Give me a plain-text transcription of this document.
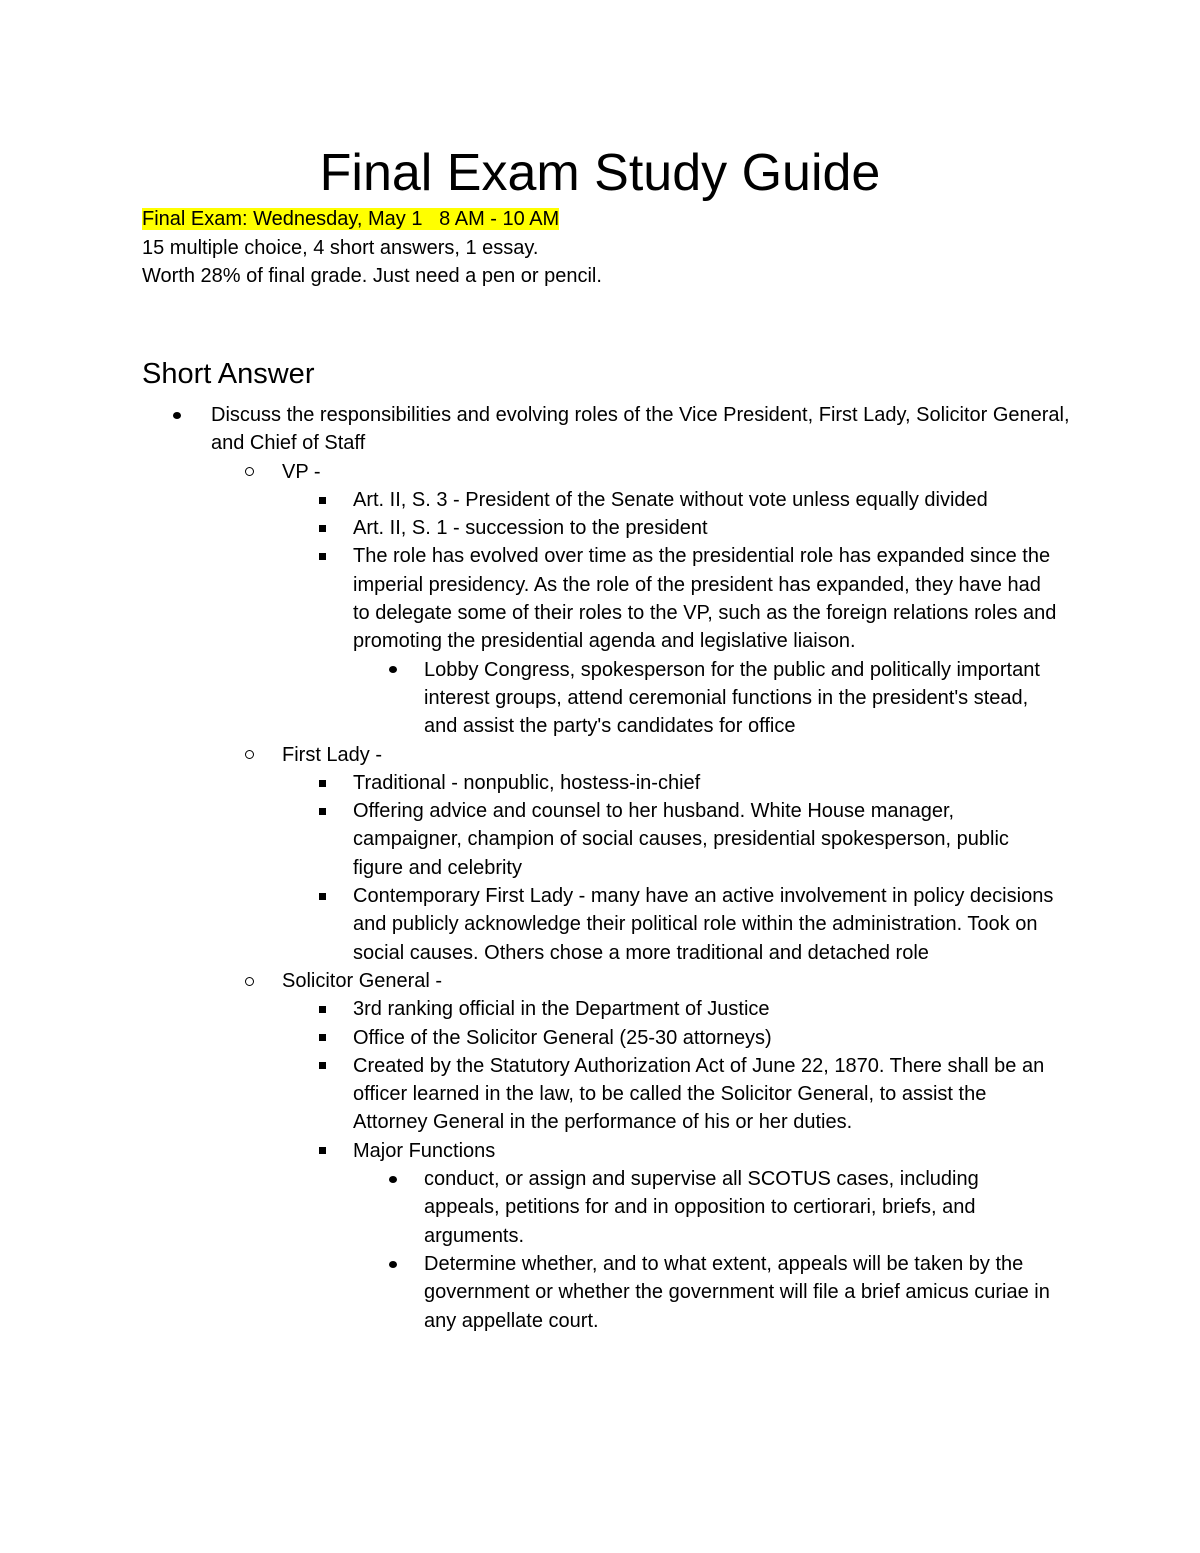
Final Exam Study Guide
Final Exam: Wednesday, May 1   8 AM - 10 AM
15 multiple choice, 4 short answers, 1 essay.
Worth 28% of final grade. Just need a pen or pencil.
Short Answer
Discuss the responsibilities and evolving roles of the Vice President, First Lady, Solicitor General, and Chief of Staff
VP -
Art. II, S. 3 - President of the Senate without vote unless equally divided
Art. II, S. 1 - succession to the president
The role has evolved over time as the presidential role has expanded since the imperial presidency. As the role of the president has expanded, they have had to delegate some of their roles to the VP, such as the foreign relations roles and promoting the presidential agenda and legislative liaison.
Lobby Congress, spokesperson for the public and politically important interest groups, attend ceremonial functions in the president's stead, and assist the party's candidates for office
First Lady -
Traditional - nonpublic, hostess-in-chief
Offering advice and counsel to her husband. White House manager, campaigner, champion of social causes, presidential spokesperson, public figure and celebrity
Contemporary First Lady - many have an active involvement in policy decisions and publicly acknowledge their political role within the administration. Took on social causes. Others chose a more traditional and detached role
Solicitor General -
3rd ranking official in the Department of Justice
Office of the Solicitor General (25-30 attorneys)
Created by the Statutory Authorization Act of June 22, 1870. There shall be an officer learned in the law, to be called the Solicitor General, to assist the Attorney General in the performance of his or her duties.
Major Functions
conduct, or assign and supervise all SCOTUS cases, including appeals, petitions for and in opposition to certiorari, briefs, and arguments.
Determine whether, and to what extent, appeals will be taken by the government or whether the government will file a brief amicus curiae in any appellate court.
